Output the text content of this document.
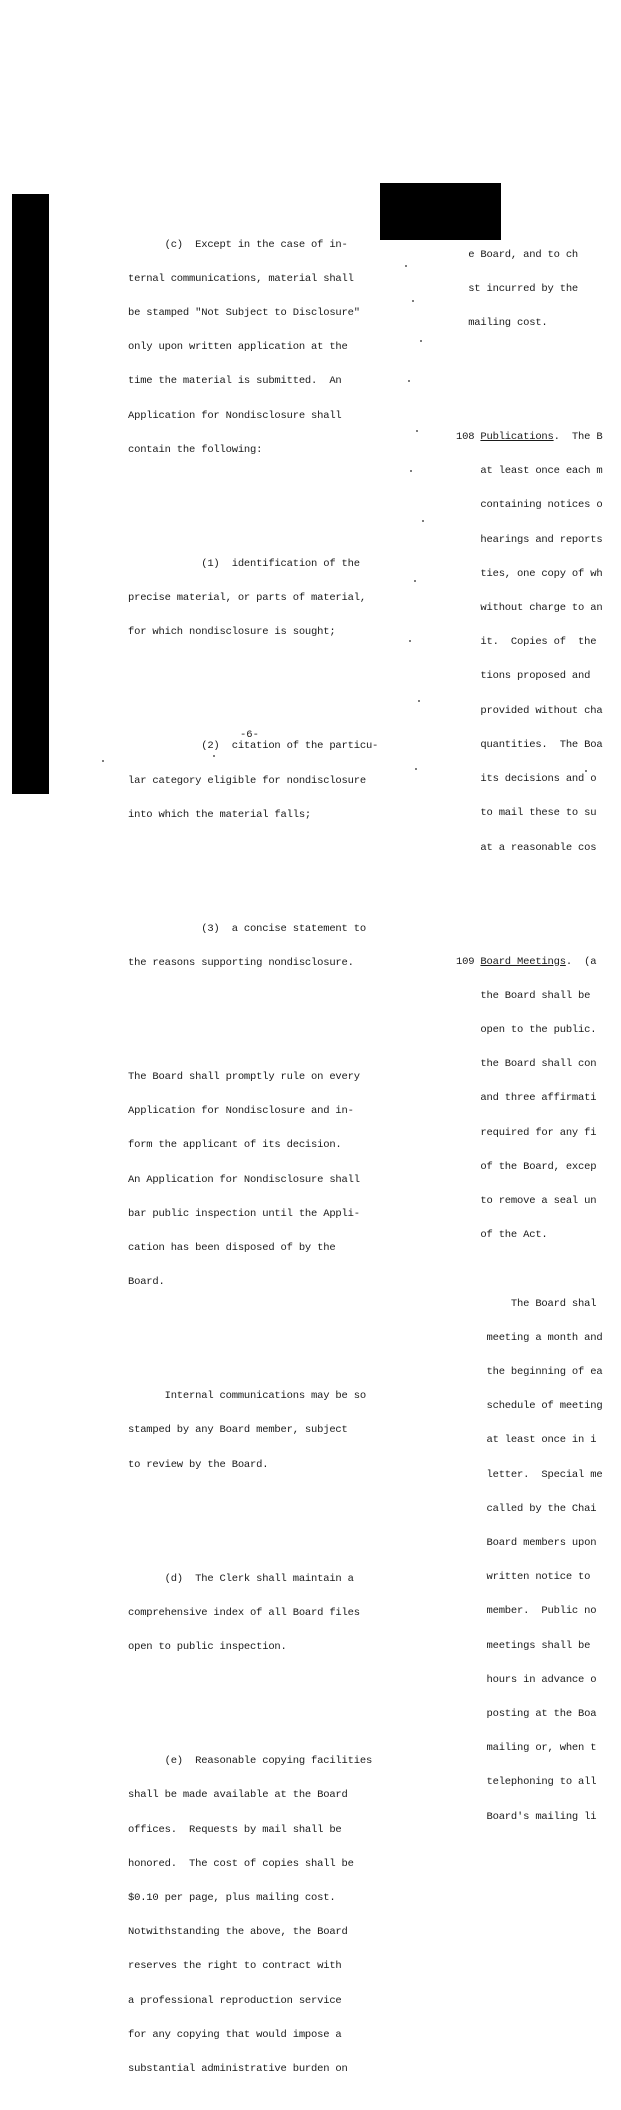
(c)  Except in the case of in-

ternal communications, material shall

be stamped "Not Subject to Disclosure"

only upon written application at the

time the material is submitted.  An

Application for Nondisclosure shall

contain the following:

(1)  identification of the

precise material, or parts of material,

for which nondisclosure is sought;

(2)  citation of the particu-

lar category eligible for nondisclosure

into which the material falls;

(3)  a concise statement to

the reasons supporting nondisclosure.

The Board shall promptly rule on every

Application for Nondisclosure and in-

form the applicant of its decision.

An Application for Nondisclosure shall

bar public inspection until the Appli-

cation has been disposed of by the

Board.

Internal communications may be so

stamped by any Board member, subject

to review by the Board.

(d)  The Clerk shall maintain a

comprehensive index of all Board files

open to public inspection.

(e)  Reasonable copying facilities

shall be made available at the Board

offices.  Requests by mail shall be

honored.  The cost of copies shall be

$0.10 per page, plus mailing cost.

Notwithstanding the above, the Board

reserves the right to contract with

a professional reproduction service

for any copying that would impose a

substantial administrative burden on

e Board, and to ch

st incurred by the

mailing cost.

108 Publications.  The B

at least once each m

containing notices o

hearings and reports

ties, one copy of wh

without charge to an

it.  Copies of  the

tions proposed and

provided without cha

quantities.  The Boa

its decisions and o

to mail these to su

at a reasonable cos

109 Board Meetings.  (a

the Board shall be

open to the public.

the Board shall con

and three affirmati

required for any fi

of the Board, excep

to remove a seal un

of the Act.

The Board shal

meeting a month and

the beginning of ea

schedule of meeting

at least once in i

letter.  Special me

called by the Chai

Board members upon

written notice to

member.  Public no

meetings shall be

hours in advance o

posting at the Boa

mailing or, when t

telephoning to all

Board's mailing li

-6-
